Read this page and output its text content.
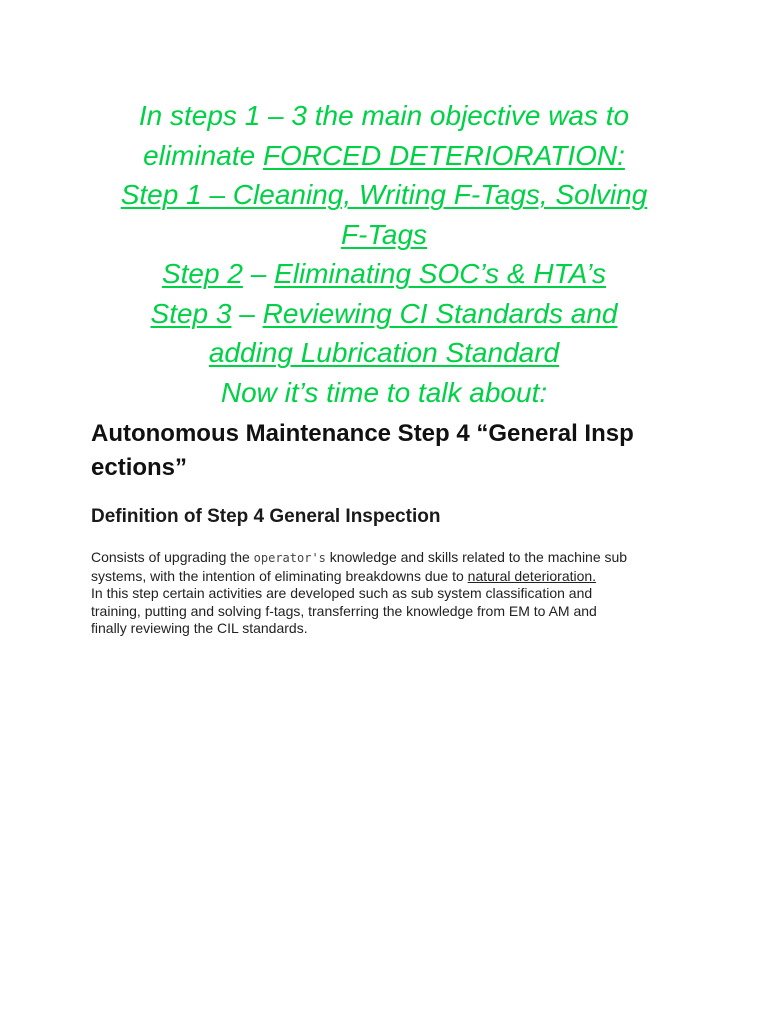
In steps 1 – 3 the main objective was to
eliminate FORCED DETERIORATION:
Step 1 – Cleaning, Writing F-Tags, Solving
F-Tags
Step 2 – Eliminating SOC’s & HTA’s
Step 3 – Reviewing CI Standards and
adding Lubrication Standard
Now it’s time to talk about:
Autonomous Maintenance Step 4 “General Insp
ections”
Definition of Step 4 General Inspection
Consists of upgrading the operator's knowledge and skills related to the machine sub
systems, with the intention of eliminating breakdowns due to natural deterioration.
In this step certain activities are developed such as sub system classification and
training, putting and solving f-tags, transferring the knowledge from EM to AM and
finally reviewing the CIL standards.
